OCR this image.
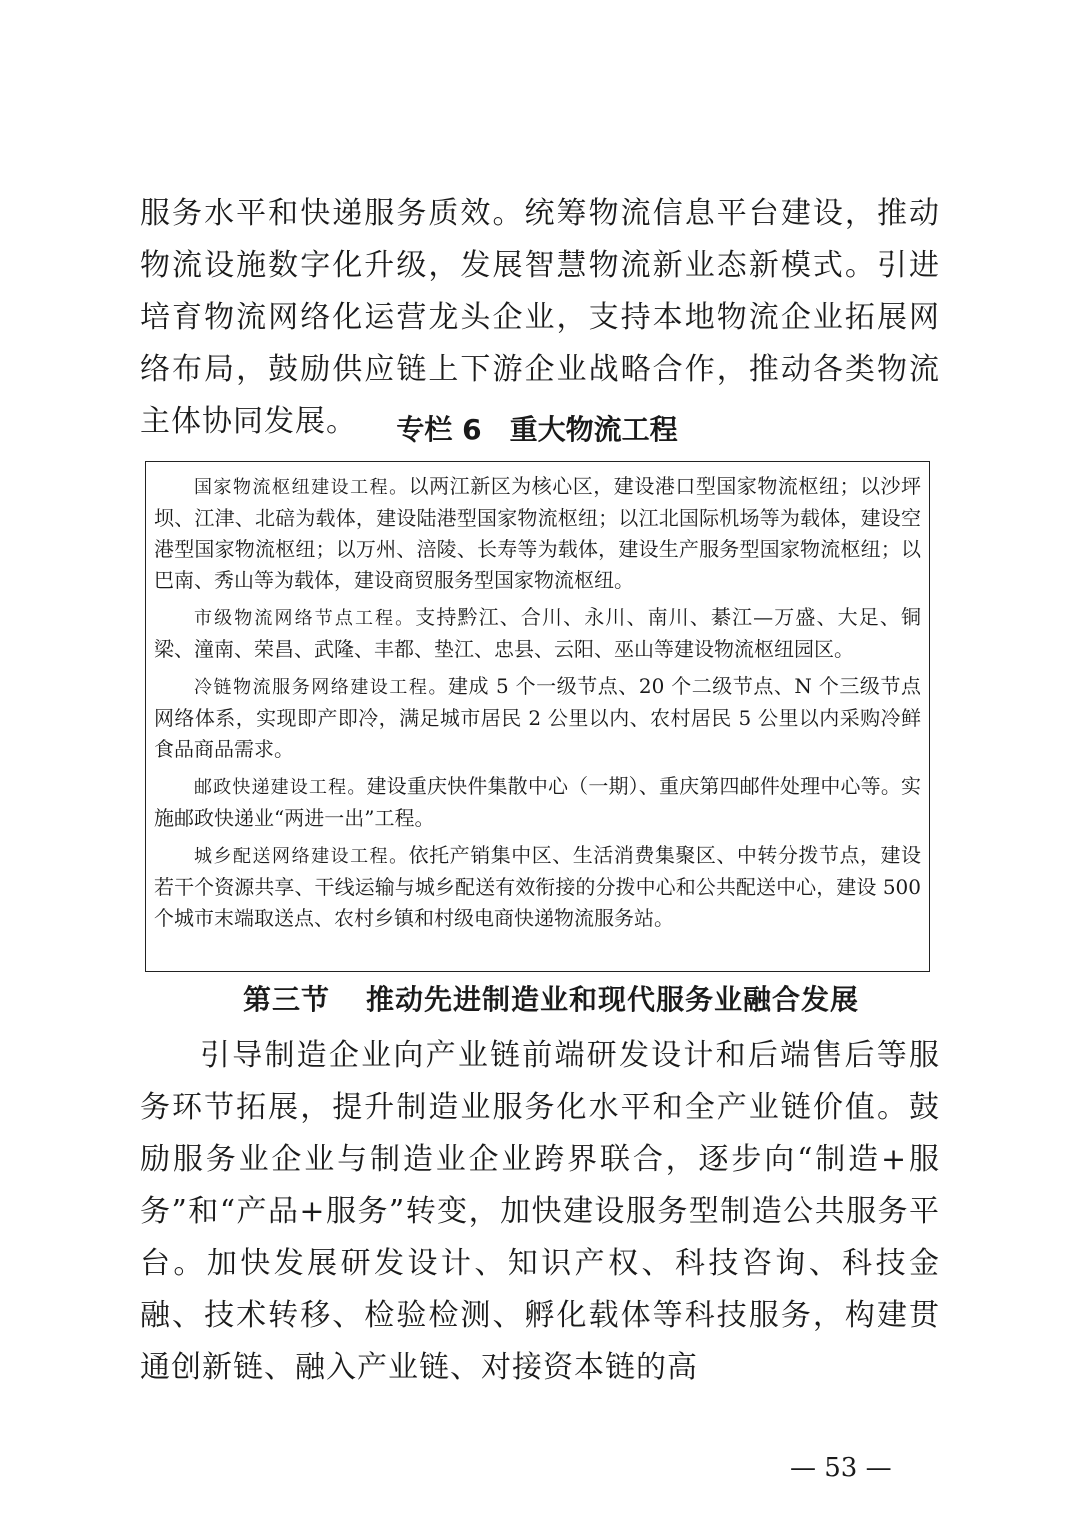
服务水平和快递服务质效。统筹物流信息平台建设，推动物流设施数字化升级，发展智慧物流新业态新模式。引进培育物流网络化运营龙头企业，支持本地物流企业拓展网络布局，鼓励供应链上下游企业战略合作，推动各类物流主体协同发展。	专栏 6　重大物流工程

国家物流枢纽建设工程。以两江新区为核心区，建设港口型国家物流枢纽；以沙坪坝、江津、北碚为载体，建设陆港型国家物流枢纽；以江北国际机场等为载体，建设空港型国家物流枢纽；以万州、涪陵、长寿等为载体，建设生产服务型国家物流枢纽；以巴南、秀山等为载体，建设商贸服务型国家物流枢纽。

市级物流网络节点工程。支持黔江、合川、永川、南川、綦江—万盛、大足、铜梁、潼南、荣昌、武隆、丰都、垫江、忠县、云阳、巫山等建设物流枢纽园区。

冷链物流服务网络建设工程。建成 5 个一级节点、20 个二级节点、N 个三级节点网络体系，实现即产即冷，满足城市居民 2 公里以内、农村居民 5 公里以内采购冷鲜食品商品需求。

邮政快递建设工程。建设重庆快件集散中心（一期）、重庆第四邮件处理中心等。实施邮政快递业“两进一出”工程。

城乡配送网络建设工程。依托产销集中区、生活消费集聚区、中转分拨节点，建设若干个资源共享、干线运输与城乡配送有效衔接的分拨中心和公共配送中心，建设 500 个城市末端取送点、农村乡镇和村级电商快递物流服务站。

第三节 推动先进制造业和现代服务业融合发展

引导制造企业向产业链前端研发设计和后端售后等服务环节拓展，提升制造业服务化水平和全产业链价值。鼓励服务业企业与制造业企业跨界联合，逐步向“制造+服务”和“产品+服务”转变，加快建设服务型制造公共服务平台。加快发展研发设计、知识产权、科技咨询、科技金融、技术转移、检验检测、孵化载体等科技服务，构建贯通创新链、融入产业链、对接资本链的高

— 53 —
